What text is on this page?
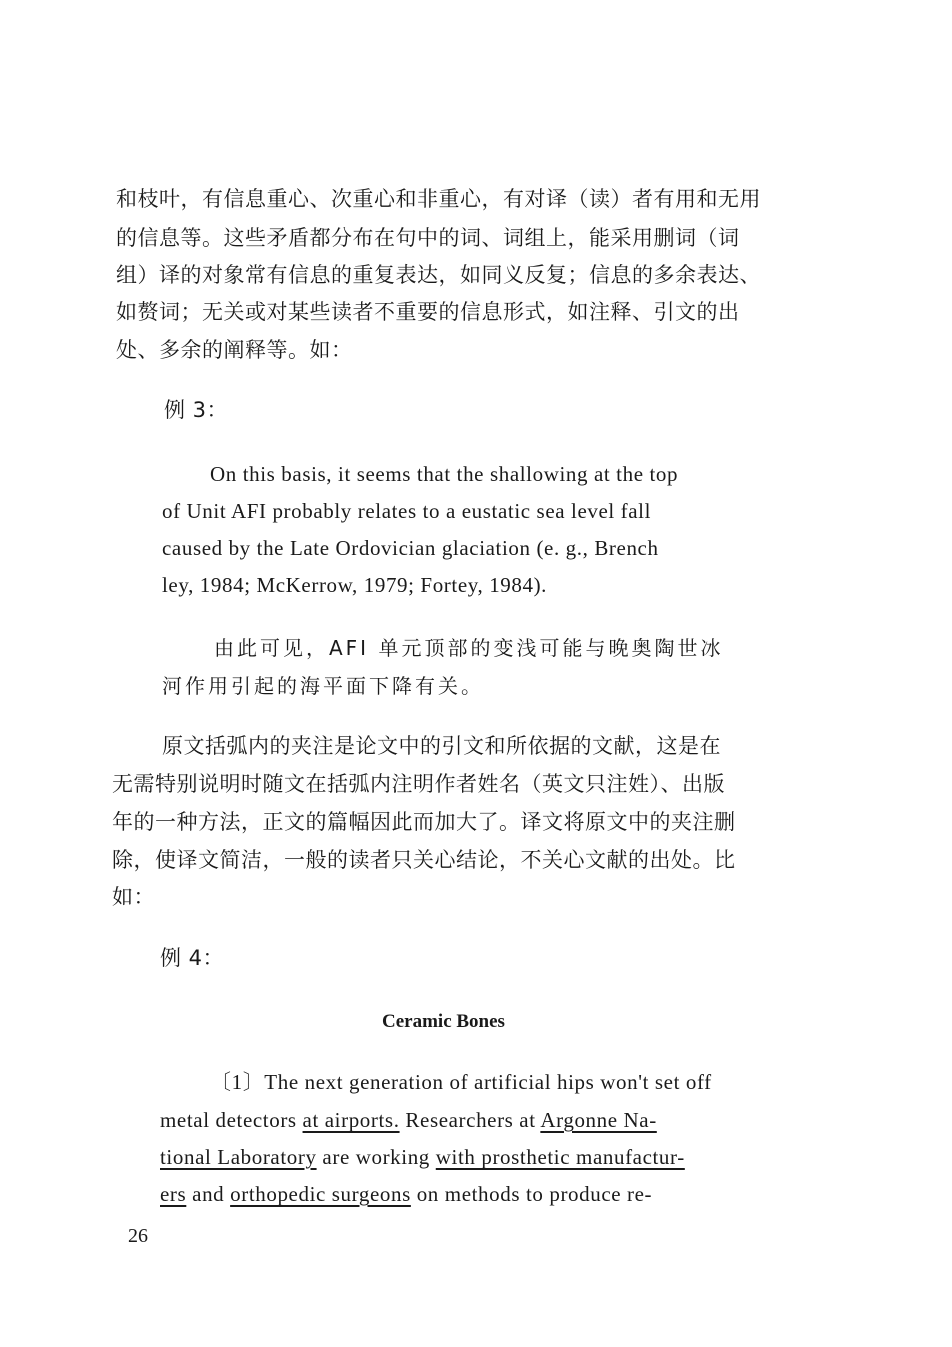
和枝叶，有信息重心、次重心和非重心，有对译（读）者有用和无用
的信息等。这些矛盾都分布在句中的词、词组上，能采用删词（词
组）译的对象常有信息的重复表达，如同义反复；信息的多余表达、
如赘词；无关或对某些读者不重要的信息形式，如注释、引文的出
处、多余的阐释等。如：
例 3：
On this basis, it seems that the shallowing at the top
of Unit AFI probably relates to a eustatic sea level fall
caused by the Late Ordovician glaciation (e. g., Brench
ley, 1984; McKerrow, 1979; Fortey, 1984).
由此可见，AFI 单元顶部的变浅可能与晚奥陶世冰
河作用引起的海平面下降有关。
原文括弧内的夹注是论文中的引文和所依据的文献，这是在
无需特别说明时随文在括弧内注明作者姓名（英文只注姓）、出版
年的一种方法，正文的篇幅因此而加大了。译文将原文中的夹注删
除，使译文简洁，一般的读者只关心结论，不关心文献的出处。比
如：
例 4：
Ceramic Bones
〔1〕The next generation of artificial hips won't set off
metal detectors at airports. Researchers at Argonne Na-
tional Laboratory are working with prosthetic manufactur-
ers and orthopedic surgeons on methods to produce re-
26
